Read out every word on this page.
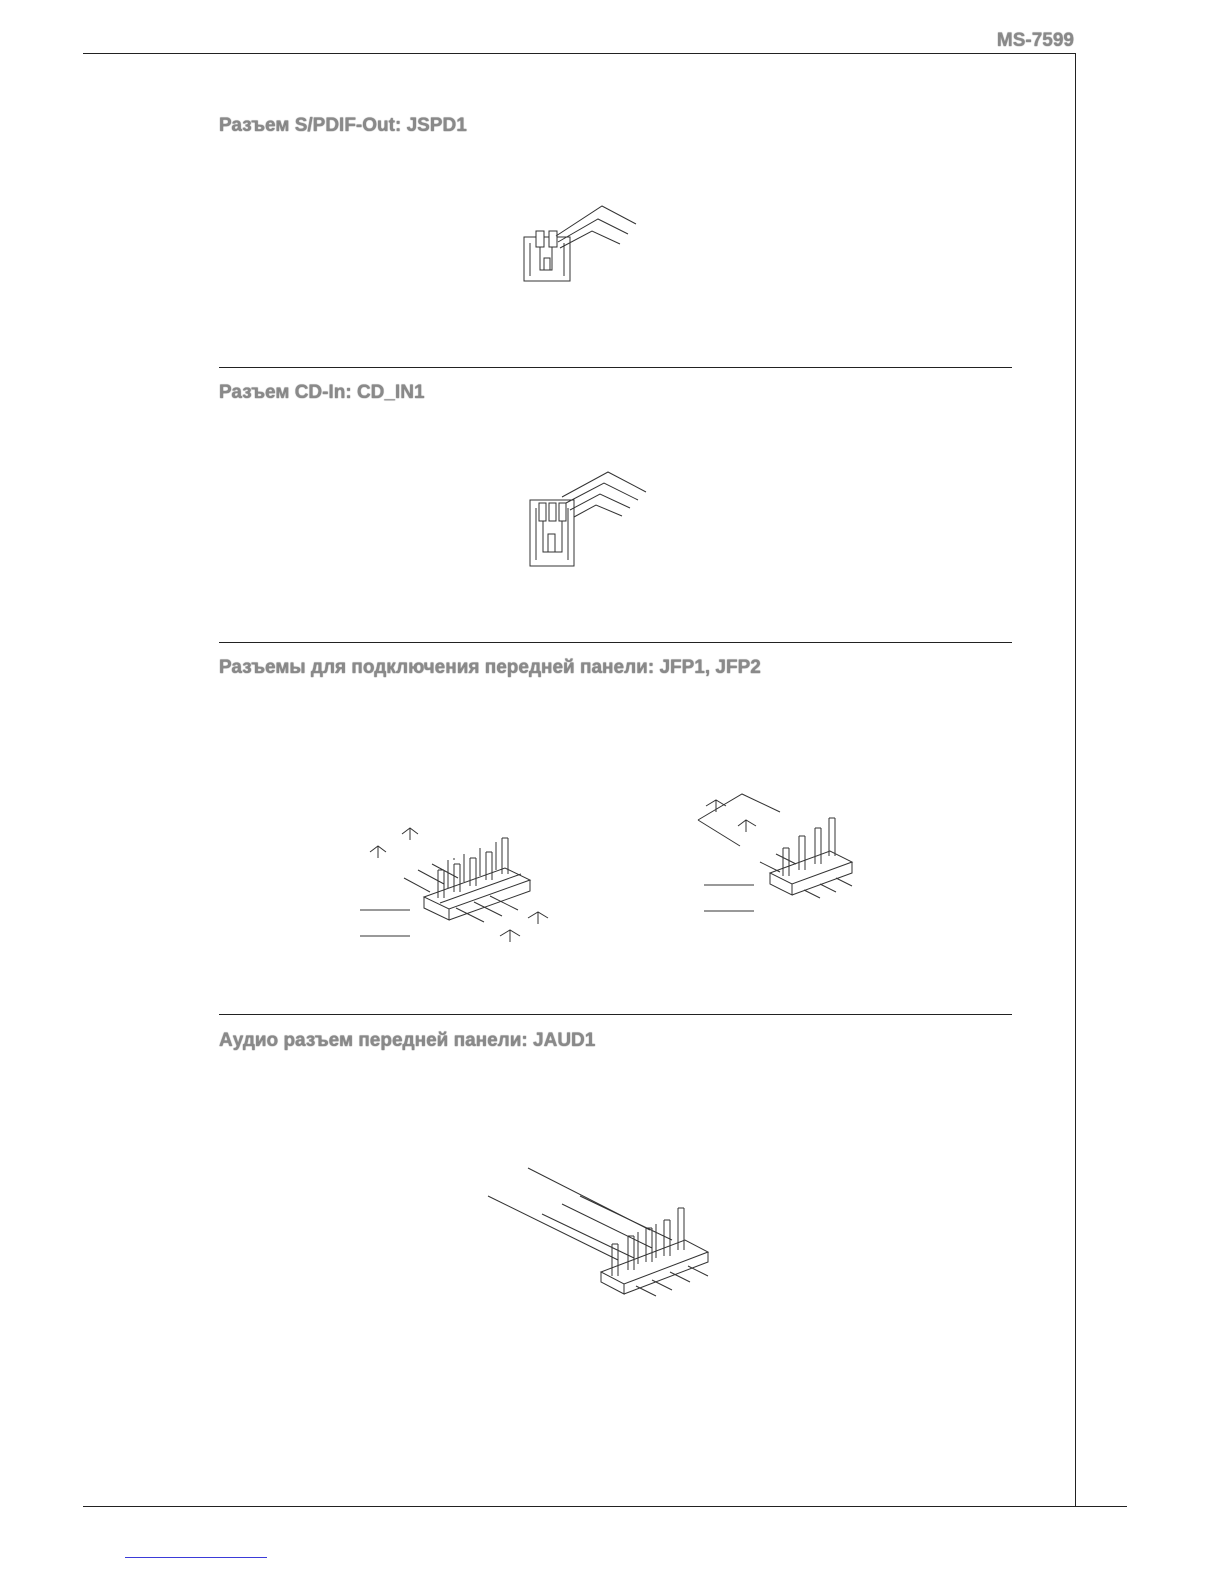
MS-7599
Разъем S/PDIF-Out: JSPD1
Разъем CD-In: CD_IN1
Разъемы для подключения передней панели: JFP1, JFP2
Аудио разъем передней панели: JAUD1
